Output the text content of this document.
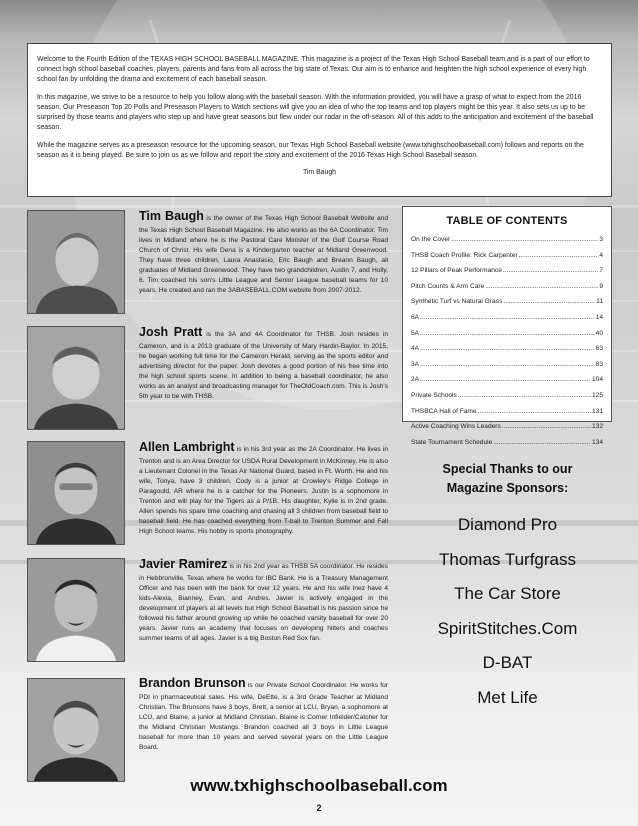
Welcome to the Fourth Edition of the TEXAS HIGH SCHOOL BASEBALL MAGAZINE. This magazine is a project of the Texas High School Baseball team and is a part of our effort to connect high school baseball coaches, players, parents and fans from all across the big state of Texas. Our aim is to enhance and heighten the high school experience of every high school fan by unfolding the drama and excitement of each baseball season.

In this magazine, we strive to be a resource to help you follow along with the baseball season. With the information provided, you will have a grasp of what to expect from the 2016 season. Our Preseason Top 20 Polls and Preseason Players to Watch sections will give you an idea of who the top teams and top players might be this year. It also sets us up to be surprised by those teams and players who step up and have great seasons but flew under our radar in the off-season. All of this adds to the anticipation and excitement of the baseball season.

While the magazine serves as a preseason resource for the upcoming season, our Texas High School Baseball website (www.txhighschoolbaseball.com) follows and reports on the season as it is being played. Be sure to join us as we follow and report the story and excitement of the 2016 Texas High School Baseball season.

Tim Baugh

Tim Baugh is the owner of the Texas High School Baseball Website and the Texas High School Baseball Magazine. He also works as the 6A Coordinator. Tim lives in Midland where he is the Pastoral Care Minister of the Golf Course Road Church of Christ. His wife Dena is a Kindergarten teacher at Midland Greenwood. They have three children, Laura Anastasio, Eric Baugh and Breann Baugh, all graduates of Midland Greenwood. They have two grandchildren, Austin 7, and Holly, 6. Tim coached his son's Little League and Senior League baseball teams for 10 years. He created and ran the 3ABASEBALL.COM website from 2007-2012.
Josh Pratt is the 3A and 4A Coordinator for THSB. Josh resides in Cameron, and is a 2013 graduate of the University of Mary Hardin-Baylor. In 2015, he began working full time for the Cameron Herald, serving as the sports editor and advertising director for the paper. Josh devotes a good portion of his free time into the high school sports scene. In addition to being a baseball coordinator, he also works as an analyst and broadcasting manager for TheOldCoach.com. This is Josh's 5th year to be with THSB.
Allen Lambright is in his 3rd year as the 2A Coordinator. He lives in Trenton and is an Area Director for USDA Rural Development in McKinney. He is also a Lieutenant Colonel in the Texas Air National Guard, based in Ft. Worth. He and his wife, Tonya, have 3 children. Cody is a junior at Crowley's Ridge College in Paragould, AR where he is a catcher for the Pioneers. Justin is a sophomore in Trenton and will play for the Tigers as a P/1B. His daughter, Kylie is in 2nd grade. Allen spends his spare time coaching and chasing all 3 children from baseball field to baseball field. He has coached everything from T-ball to Trenton Summer and Fall High School teams. His hobby is sports photography.
Javier Ramirez is in his 2nd year as THSB 5A coordinator. He resides in Hebbronville, Texas where he works for IBC Bank. He is a Treasury Management Officer and has been with the bank for over 12 years. He and his wife Inez have 4 kids-Alexia, Bianney, Evan, and Andres. Javier is actively engaged in the development of players at all levels but High School Baseball is his passion since he followed his father around growing up while he coached varsity baseball for over 20 years. Javier runs an academy that focuses on developing hitters and coaches summer teams of all ages. Javier is a big Boston Red Sox fan.
Brandon Brunson is our Private School Coordinator. He works for PDI in pharmaceutical sales. His wife, DeEtte, is a 3rd Grade Teacher at Midland Christian. The Brunsons have 3 boys, Brett, a senior at LCU, Bryan, a sophomore at LCU, and Blaine, a junior at Midland Christian. Blaine is Corner Infielder/Catcher for the Midland Christian Mustangs. Brandon coached all 3 boys in Little League baseball for more than 10 years and served several years on the Little League Board.
TABLE OF CONTENTS
On the Cover .....	3
THSB Coach Profile: Rick Carpenter .....	4
12 Pillars of Peak Performance .....	7
Pitch Counts & Arm Care .....	9
Synthetic Turf vs Natural Grass .....	11
6A .....	14
5A .....	40
4A .....	63
3A .....	83
2A .....	104
Private Schools .....	125
THSBCA Hall of Fame .....	131
Active Coaching Wins Leaders .....	132
State Tournament Schedule .....	134
Special Thanks to our
Magazine Sponsors:
Diamond Pro
Thomas Turfgrass
The Car Store
SpiritStitches.Com
D-BAT
Met Life
www.txhighschoolbaseball.com
2
